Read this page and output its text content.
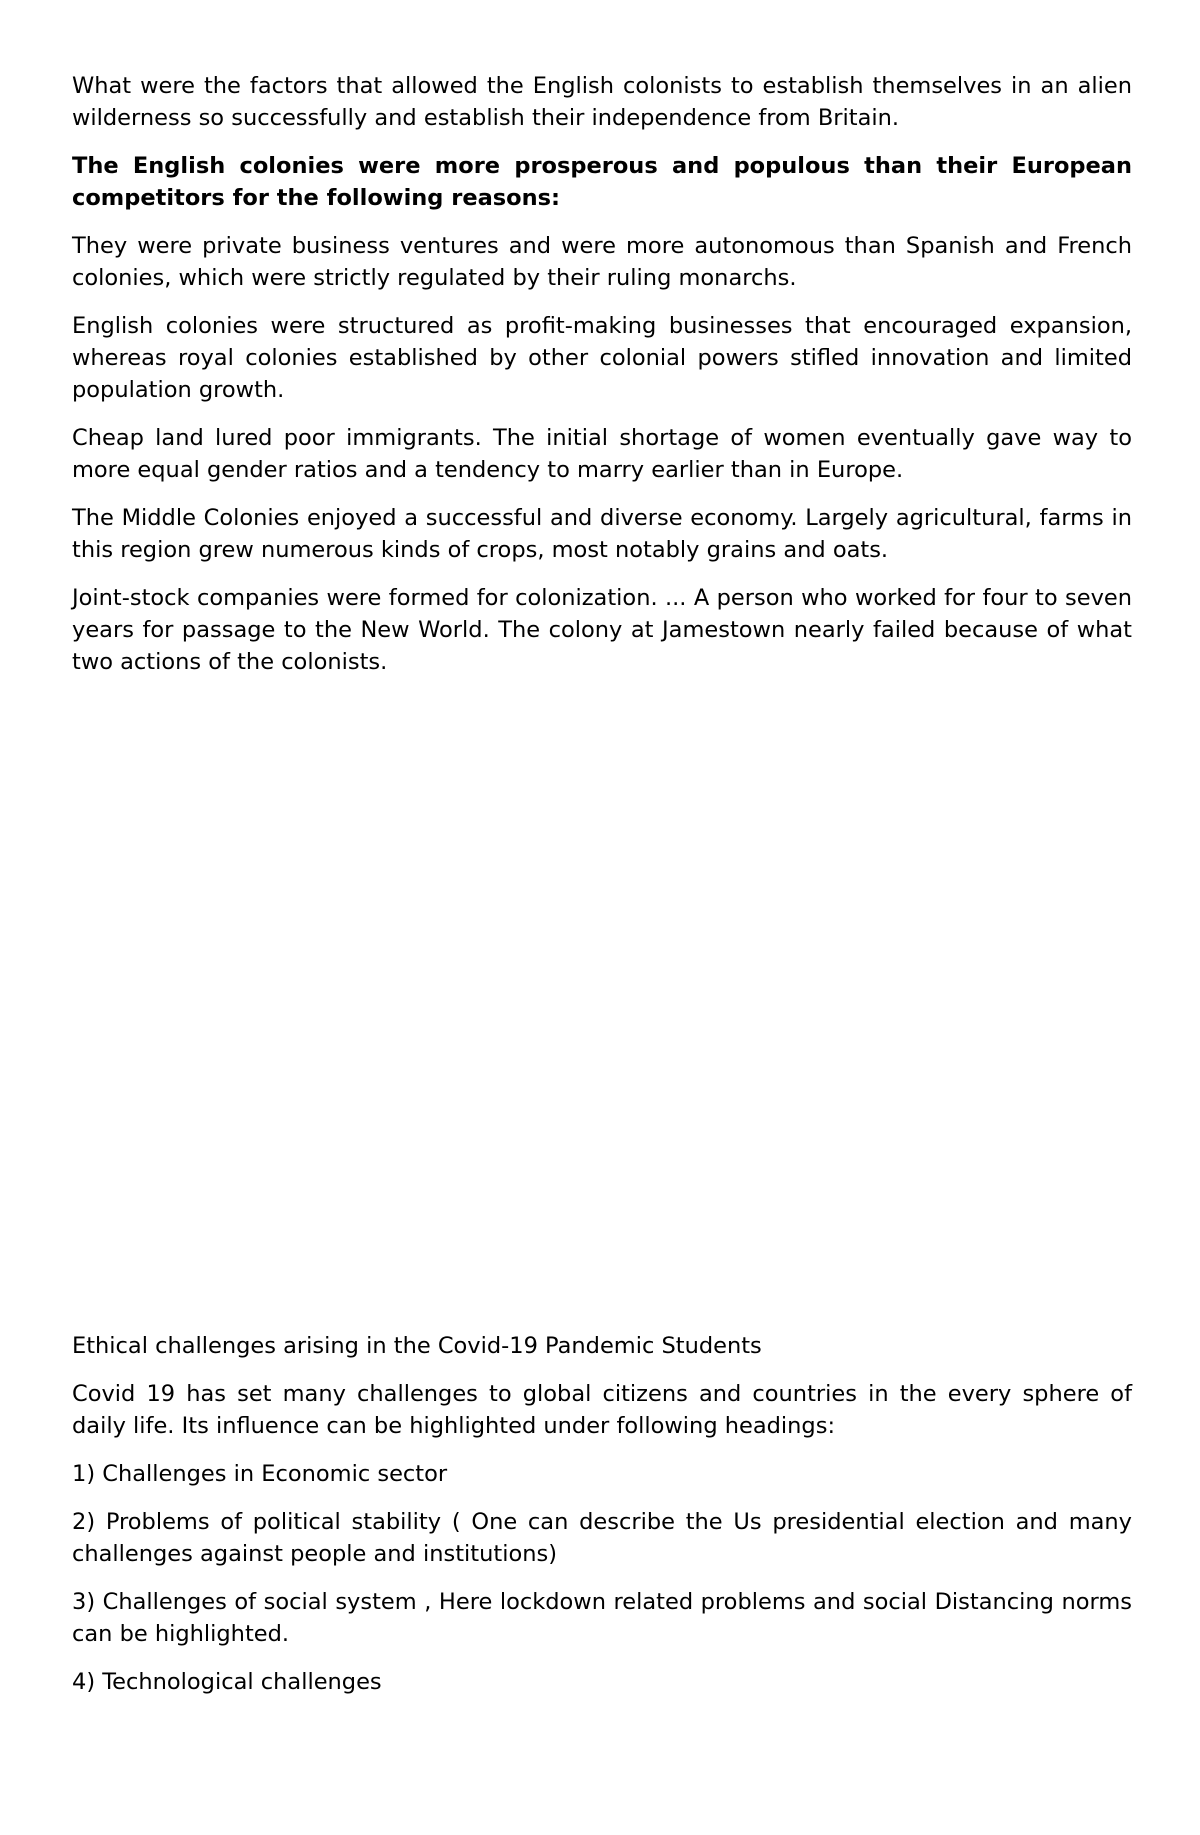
What were the factors that allowed the English colonists to establish themselves in an alien wilderness so successfully and establish their independence from Britain.

The English colonies were more prosperous and populous than their European competitors for the following reasons:

They were private business ventures and were more autonomous than Spanish and French colonies, which were strictly regulated by their ruling monarchs.

English colonies were structured as profit-making businesses that encouraged expansion, whereas royal colonies established by other colonial powers stifled innovation and limited population growth.

Cheap land lured poor immigrants. The initial shortage of women eventually gave way to more equal gender ratios and a tendency to marry earlier than in Europe.

The Middle Colonies enjoyed a successful and diverse economy. Largely agricultural, farms in this region grew numerous kinds of crops, most notably grains and oats.

Joint-stock companies were formed for colonization. ... A person who worked for four to seven years for passage to the New World. The colony at Jamestown nearly failed because of what two actions of the colonists.

Ethical challenges arising in the Covid-19 Pandemic Students

Covid 19 has set many challenges to global citizens and countries in the every sphere of daily life. Its influence can be highlighted under following headings:

1) Challenges in Economic sector

2) Problems of political stability ( One can describe the Us presidential election and many challenges against people and institutions)

3) Challenges of social system , Here lockdown related problems and social Distancing norms can be highlighted.

4) Technological challenges
